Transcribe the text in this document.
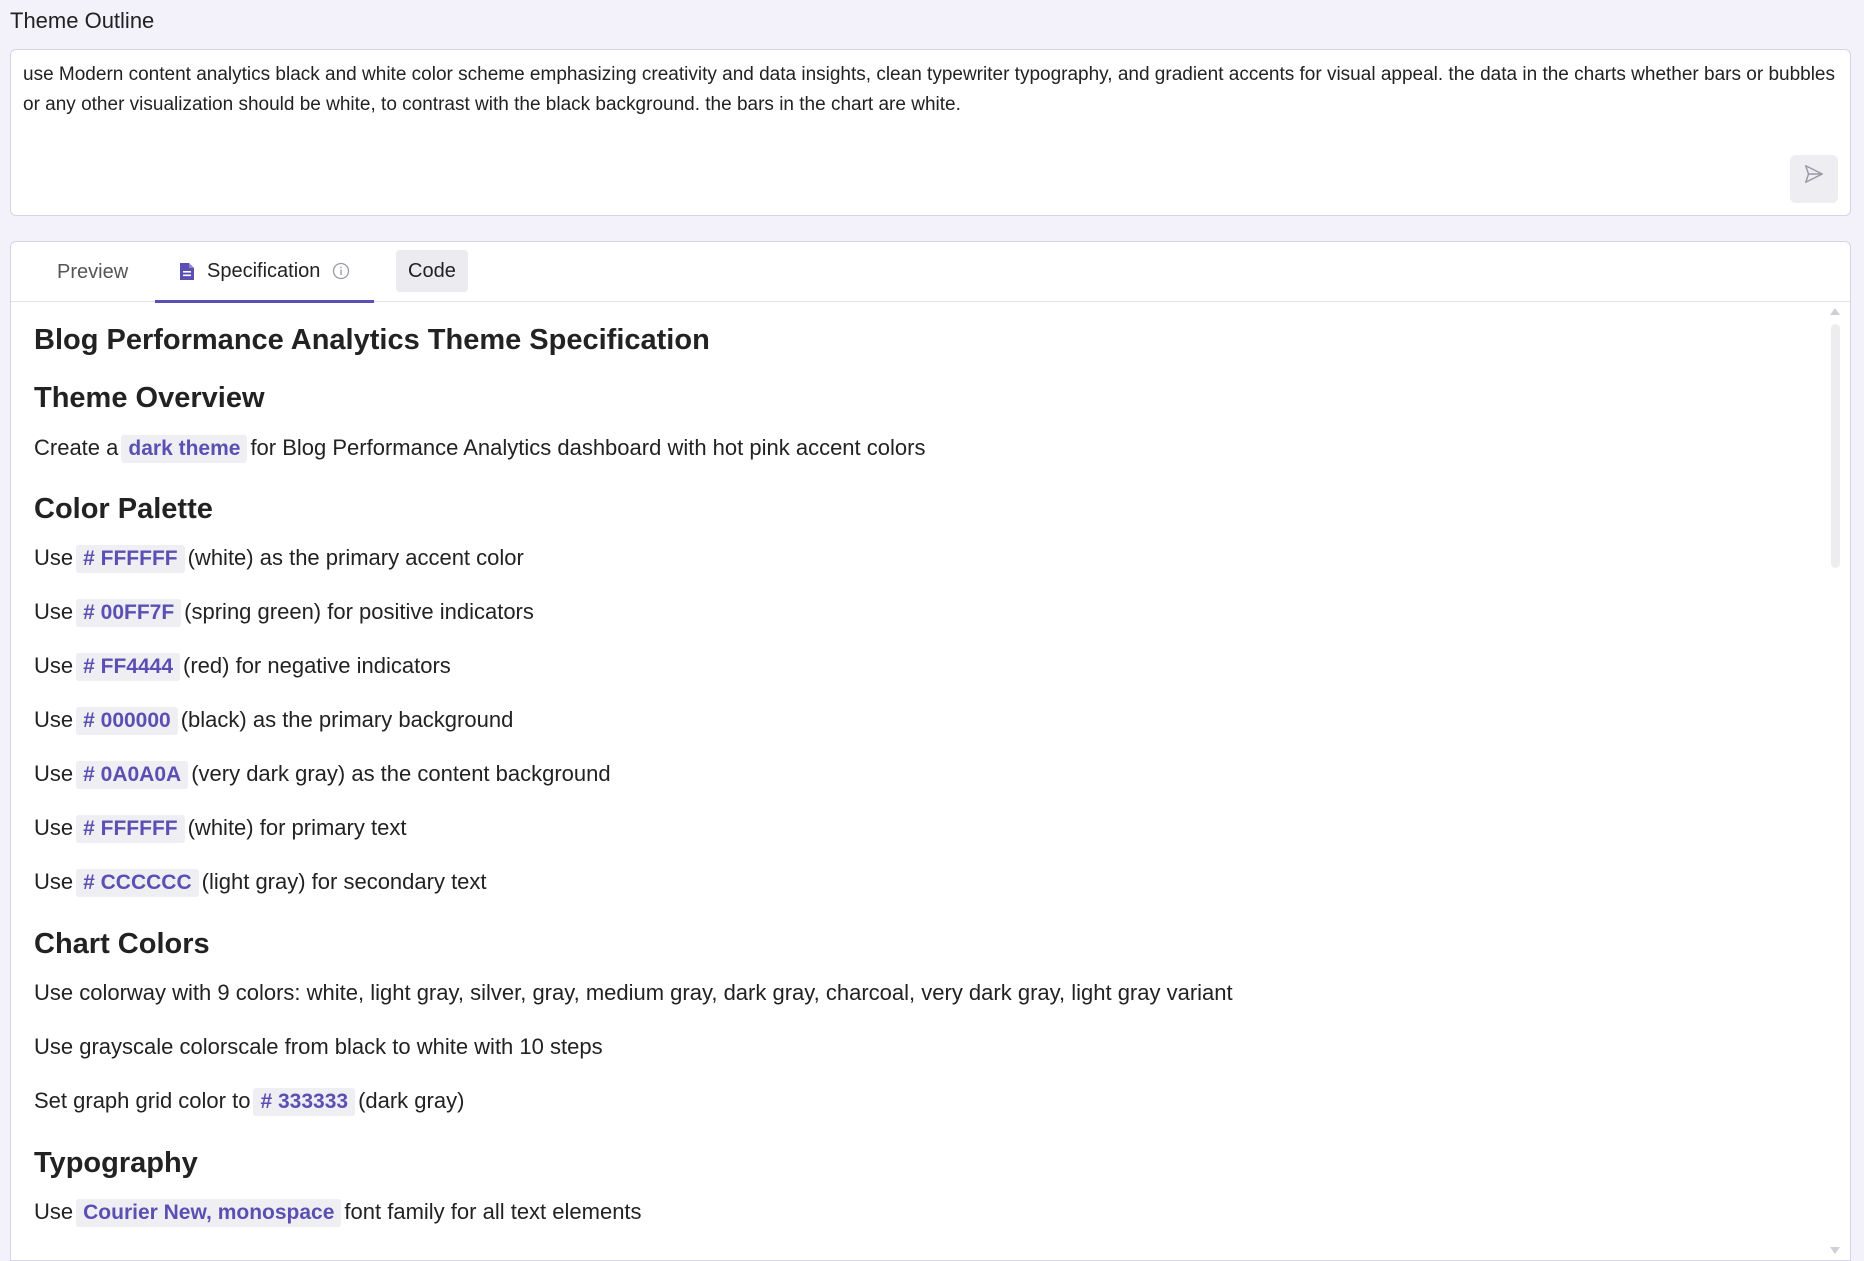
Theme Outline
use Modern content analytics black and white color scheme emphasizing creativity and data insights, clean typewriter typography, and gradient accents for visual appeal. the data in the charts whether bars or bubbles or any other visualization should be white, to contrast with the black background. the bars in the chart are white.
Preview	Specification	Code
Blog Performance Analytics Theme Specification
Theme Overview
Create a dark theme for Blog Performance Analytics dashboard with hot pink accent colors
Color Palette
Use # FFFFFF (white) as the primary accent color
Use # 00FF7F (spring green) for positive indicators
Use # FF4444 (red) for negative indicators
Use # 000000 (black) as the primary background
Use # 0A0A0A (very dark gray) as the content background
Use # FFFFFF (white) for primary text
Use # CCCCCC (light gray) for secondary text
Chart Colors
Use colorway with 9 colors: white, light gray, silver, gray, medium gray, dark gray, charcoal, very dark gray, light gray variant
Use grayscale colorscale from black to white with 10 steps
Set graph grid color to # 333333 (dark gray)
Typography
Use Courier New, monospace font family for all text elements
